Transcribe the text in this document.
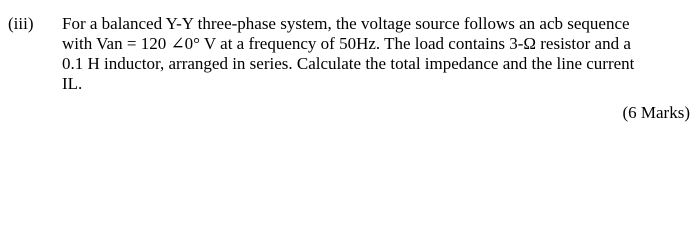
(iii) For a balanced Y-Y three-phase system, the voltage source follows an acb sequence
with Van = 120 ∠0° V at a frequency of 50Hz. The load contains 3-Ω resistor and a
0.1 H inductor, arranged in series. Calculate the total impedance and the line current
IL.
(6 Marks)
